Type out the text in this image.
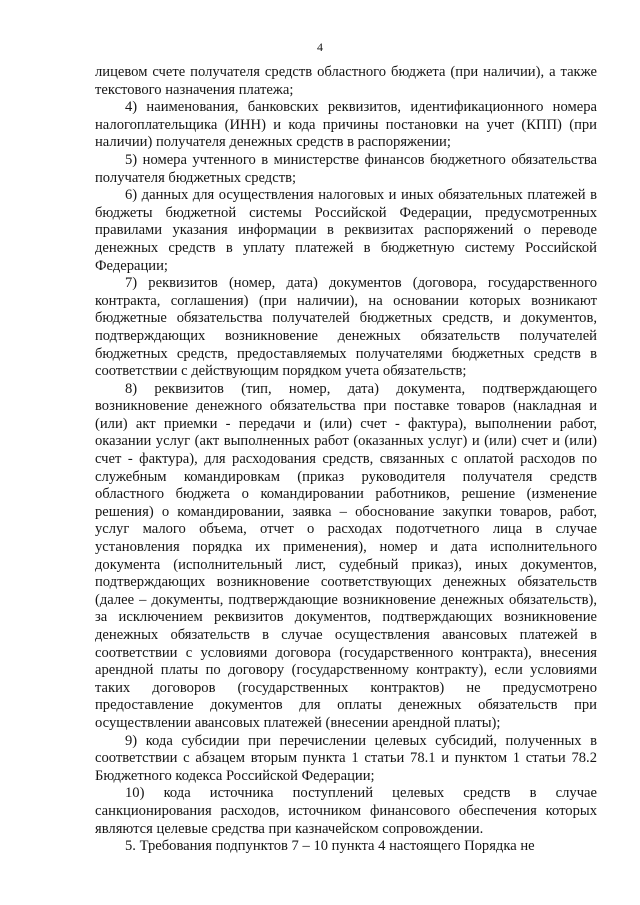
4

лицевом счете получателя средств областного бюджета (при наличии), а также текстового назначения платежа;

4) наименования, банковских реквизитов, идентификационного номера налогоплательщика (ИНН) и кода причины постановки на учет (КПП) (при наличии) получателя денежных средств в распоряжении;

5) номера учтенного в министерстве финансов бюджетного обязательства получателя бюджетных средств;

6) данных для осуществления налоговых и иных обязательных платежей в бюджеты бюджетной системы Российской Федерации, предусмотренных правилами указания информации в реквизитах распоряжений о переводе денежных средств в уплату платежей в бюджетную систему Российской Федерации;

7) реквизитов (номер, дата) документов (договора, государственного контракта, соглашения) (при наличии), на основании которых возникают бюджетные обязательства получателей бюджетных средств, и документов, подтверждающих возникновение денежных обязательств получателей бюджетных средств, предоставляемых получателями бюджетных средств в соответствии с действующим порядком учета обязательств;

8) реквизитов (тип, номер, дата) документа, подтверждающего возникновение денежного обязательства при поставке товаров (накладная и (или) акт приемки - передачи и (или) счет - фактура), выполнении работ, оказании услуг (акт выполненных работ (оказанных услуг) и (или) счет и (или) счет - фактура), для расходования средств, связанных с оплатой расходов по служебным командировкам (приказ руководителя получателя средств областного бюджета о командировании работников, решение (изменение решения) о командировании, заявка – обоснование закупки товаров, работ, услуг малого объема, отчет о расходах подотчетного лица в случае установления порядка их применения), номер и дата исполнительного документа (исполнительный лист, судебный приказ), иных документов, подтверждающих возникновение соответствующих денежных обязательств (далее – документы, подтверждающие возникновение денежных обязательств), за исключением реквизитов документов, подтверждающих возникновение денежных обязательств в случае осуществления авансовых платежей в соответствии с условиями договора (государственного контракта), внесения арендной платы по договору (государственному контракту), если условиями таких договоров (государственных контрактов) не предусмотрено предоставление документов для оплаты денежных обязательств при осуществлении авансовых платежей (внесении арендной платы);

9) кода субсидии при перечислении целевых субсидий, полученных в соответствии с абзацем вторым пункта 1 статьи 78.1 и пунктом 1 статьи 78.2 Бюджетного кодекса Российской Федерации;

10) кода источника поступлений целевых средств в случае санкционирования расходов, источником финансового обеспечения которых являются целевые средства при казначейском сопровождении.

5. Требования подпунктов 7 – 10 пункта 4 настоящего Порядка не
